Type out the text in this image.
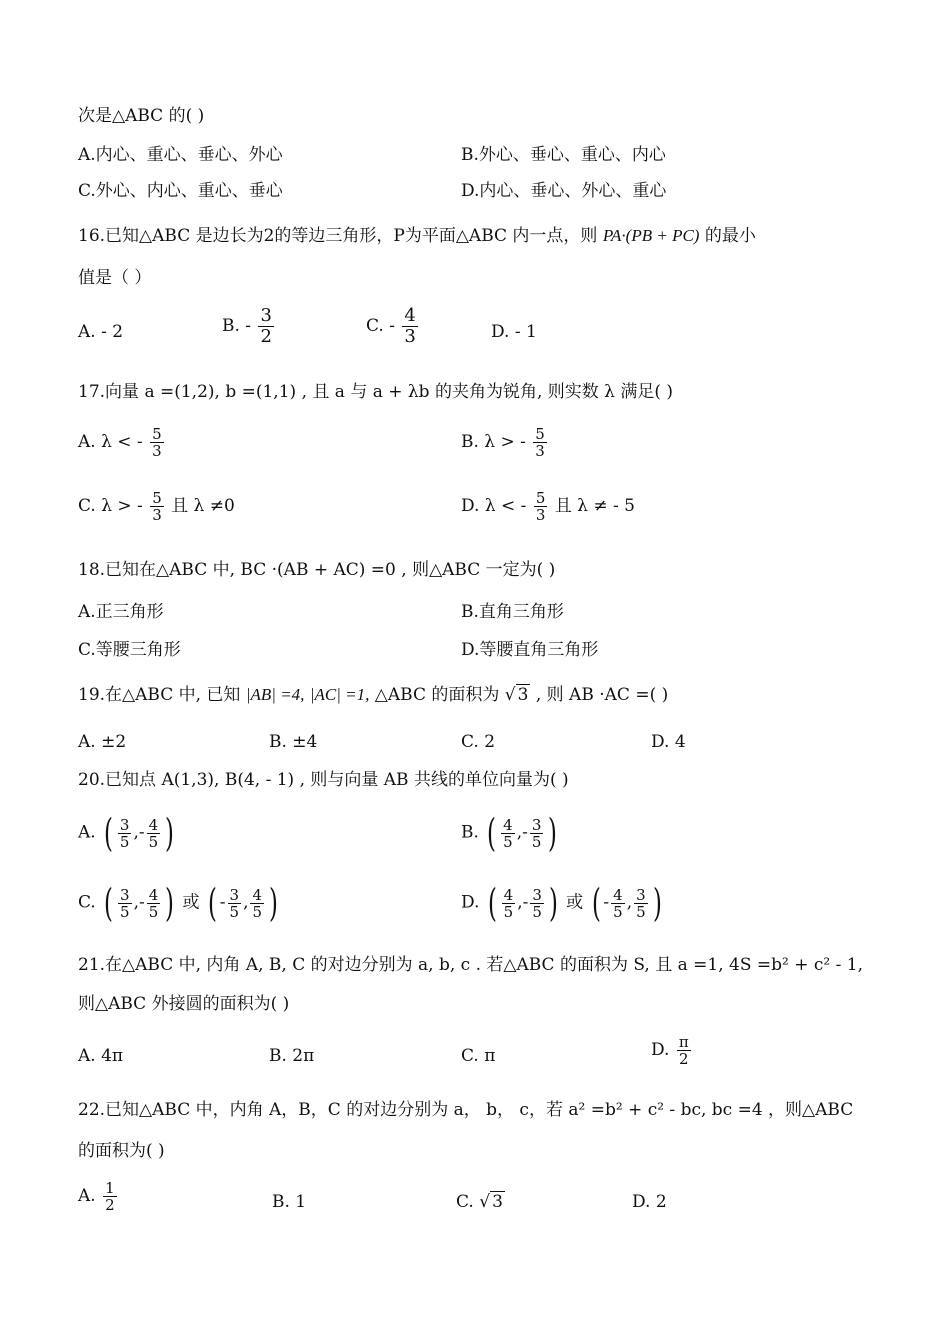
次是△ABC 的( )
A.内心、重心、垂心、外心	B.外心、垂心、重心、内心
C.外心、内心、重心、垂心	D.内心、垂心、外心、重心
16.已知△ABC 是边长为2的等边三角形，P为平面△ABC 内一点，则 PA·(PB + PC) 的最小
值是（ ）
A. - 2	B. - $\frac{3}{2}$	C. - $\frac{4}{3}$	D. - 1
17.向量 a =(1,2), b =(1,1) , 且 a 与 a + λb 的夹角为锐角, 则实数 λ 满足( )
A. λ < - $\frac{5}{3}$	B. λ > - $\frac{5}{3}$
C. λ > - $\frac{5}{3}$ 且 λ ≠0	D. λ < - $\frac{5}{3}$ 且 λ ≠ - 5
18.已知在△ABC 中, BC ·(AB + AC) =0 , 则△ABC 一定为( )
A.正三角形	B.直角三角形
C.等腰三角形	D.等腰直角三角形
19.在△ABC 中, 已知 |AB| =4, |AC| =1, △ABC 的面积为 √ 3 , 则 AB ·AC =( )
A. ±2	B. ±4	C. 2	D. 4
20.已知点 A(1,3), B(4, - 1) , 则与向量 AB 共线的单位向量为( )
A. ( $\frac{3}{5}$ ,- $\frac{4}{5}$ )	B. ( $\frac{4}{5}$ ,- $\frac{3}{5}$ )
C. ( $\frac{3}{5}$ ,- $\frac{4}{5}$ ) 或 ( - $\frac{3}{5}$ , $\frac{4}{5}$ )	D. ( $\frac{4}{5}$ ,- $\frac{3}{5}$ ) 或 ( - $\frac{4}{5}$ , $\frac{3}{5}$ )
21.在△ABC 中, 内角 A, B, C 的对边分别为 a, b, c . 若△ABC 的面积为 S, 且 a =1, 4S =b² + c² - 1,
则△ABC 外接圆的面积为( )
A. 4π	B. 2π	C. π	D. $\frac{\pi}{2}$
22.已知△ABC 中，内角 A，B，C 的对边分别为 a， b， c，若 a² =b² + c² - bc, bc =4 ，则△ABC
的面积为( )
A. $\frac{1}{2}$	B. 1	C. √ 3	D. 2
